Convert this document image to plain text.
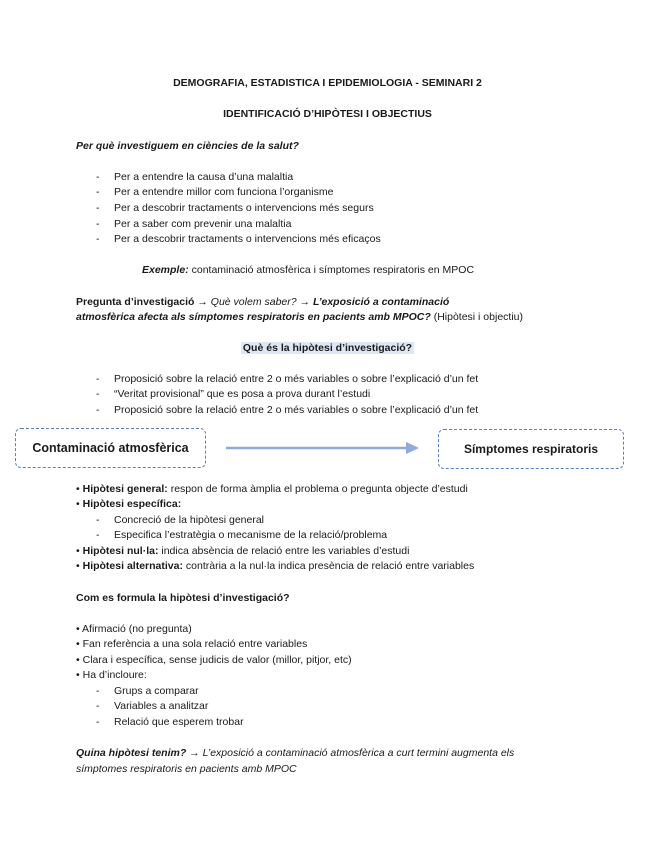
DEMOGRAFIA, ESTADISTICA I EPIDEMIOLOGIA - SEMINARI 2
IDENTIFICACIÓ D’HIPÒTESI I OBJECTIUS
Per què investiguem en ciències de la salut?
- Per a entendre la causa d’una malaltia
- Per a entendre millor com funciona l’organisme
- Per a descobrir tractaments o intervencions més segurs
- Per a saber com prevenir una malaltia
- Per a descobrir tractaments o intervencions més eficaços
Exemple: contaminació atmosfèrica i símptomes respiratoris en MPOC
Pregunta d’investigació → Què volem saber? → L’exposició a contaminació
atmosfèrica afecta als símptomes respiratoris en pacients amb MPOC? (Hipòtesi i objectiu)
Què és la hipòtesi d’investigació?
- Proposició sobre la relació entre 2 o més variables o sobre l’explicació d’un fet
- “Veritat provisional” que es posa a prova durant l’estudi
- Proposició sobre la relació entre 2 o més variables o sobre l’explicació d’un fet
Contaminació atmosfèrica	Símptomes respiratoris
• Hipòtesi general: respon de forma àmplia el problema o pregunta objecte d’estudi
• Hipòtesi específica:
- Concreció de la hipòtesi general
- Especifica l’estratègia o mecanisme de la relació/problema
• Hipòtesi nul·la: indica absència de relació entre les variables d’estudi
• Hipòtesi alternativa: contrària a la nul·la indica presència de relació entre variables
Com es formula la hipòtesi d’investigació?
• Afirmació (no pregunta)
• Fan referència a una sola relació entre variables
• Clara i específica, sense judicis de valor (millor, pitjor, etc)
• Ha d’incloure:
- Grups a comparar
- Variables a analitzar
- Relació que esperem trobar
Quina hipòtesi tenim? → L’exposició a contaminació atmosfèrica a curt termini augmenta els
símptomes respiratoris en pacients amb MPOC
